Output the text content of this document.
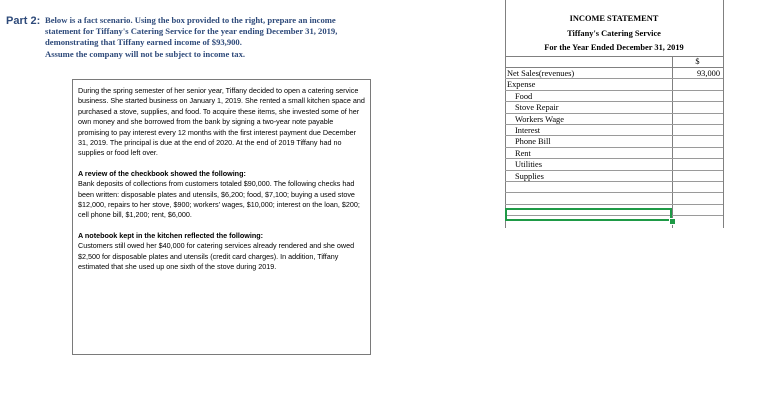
Part 2: Below is a fact scenario. Using the box provided to the right, prepare an income
statement for Tiffany's Catering Service for the year ending December 31, 2019,
demonstrating that Tiffany earned income of $93,900.
Assume the company will not be subject to income tax.

During the spring semester of her senior year, Tiffany decided to open a catering service business. She started business on January 1, 2019. She rented a small kitchen space and purchased a stove, supplies, and food. To acquire these items, she invested some of her own money and she borrowed from the bank by signing a two-year note payable promising to pay interest every 12 months with the first interest payment due December 31, 2019. The principal is due at the end of 2020. At the end of 2019 Tiffany had no supplies or food left over.

A review of the checkbook showed the following:

Bank deposits of collections from customers totaled $90,000. The following checks had been written: disposable plates and utensils, $6,200; food, $7,100; buying a used stove $12,000, repairs to her stove, $900; workers' wages, $10,000; interest on the loan, $200; cell phone bill, $1,200; rent, $6,000.

A notebook kept in the kitchen reflected the following:

Customers still owed her $40,000 for catering services already rendered and she owed $2,500 for disposable plates and utensils (credit card charges). In addition, Tiffany estimated that she used up one sixth of the stove during 2019.

INCOME STATEMENT
Tiffany's Catering Service
For the Year Ended December 31, 2019
$
Net Sales(revenues)	93,000
Expense
Food
Stove Repair
Workers Wage
Interest
Phone Bill
Rent
Utilities
Supplies
